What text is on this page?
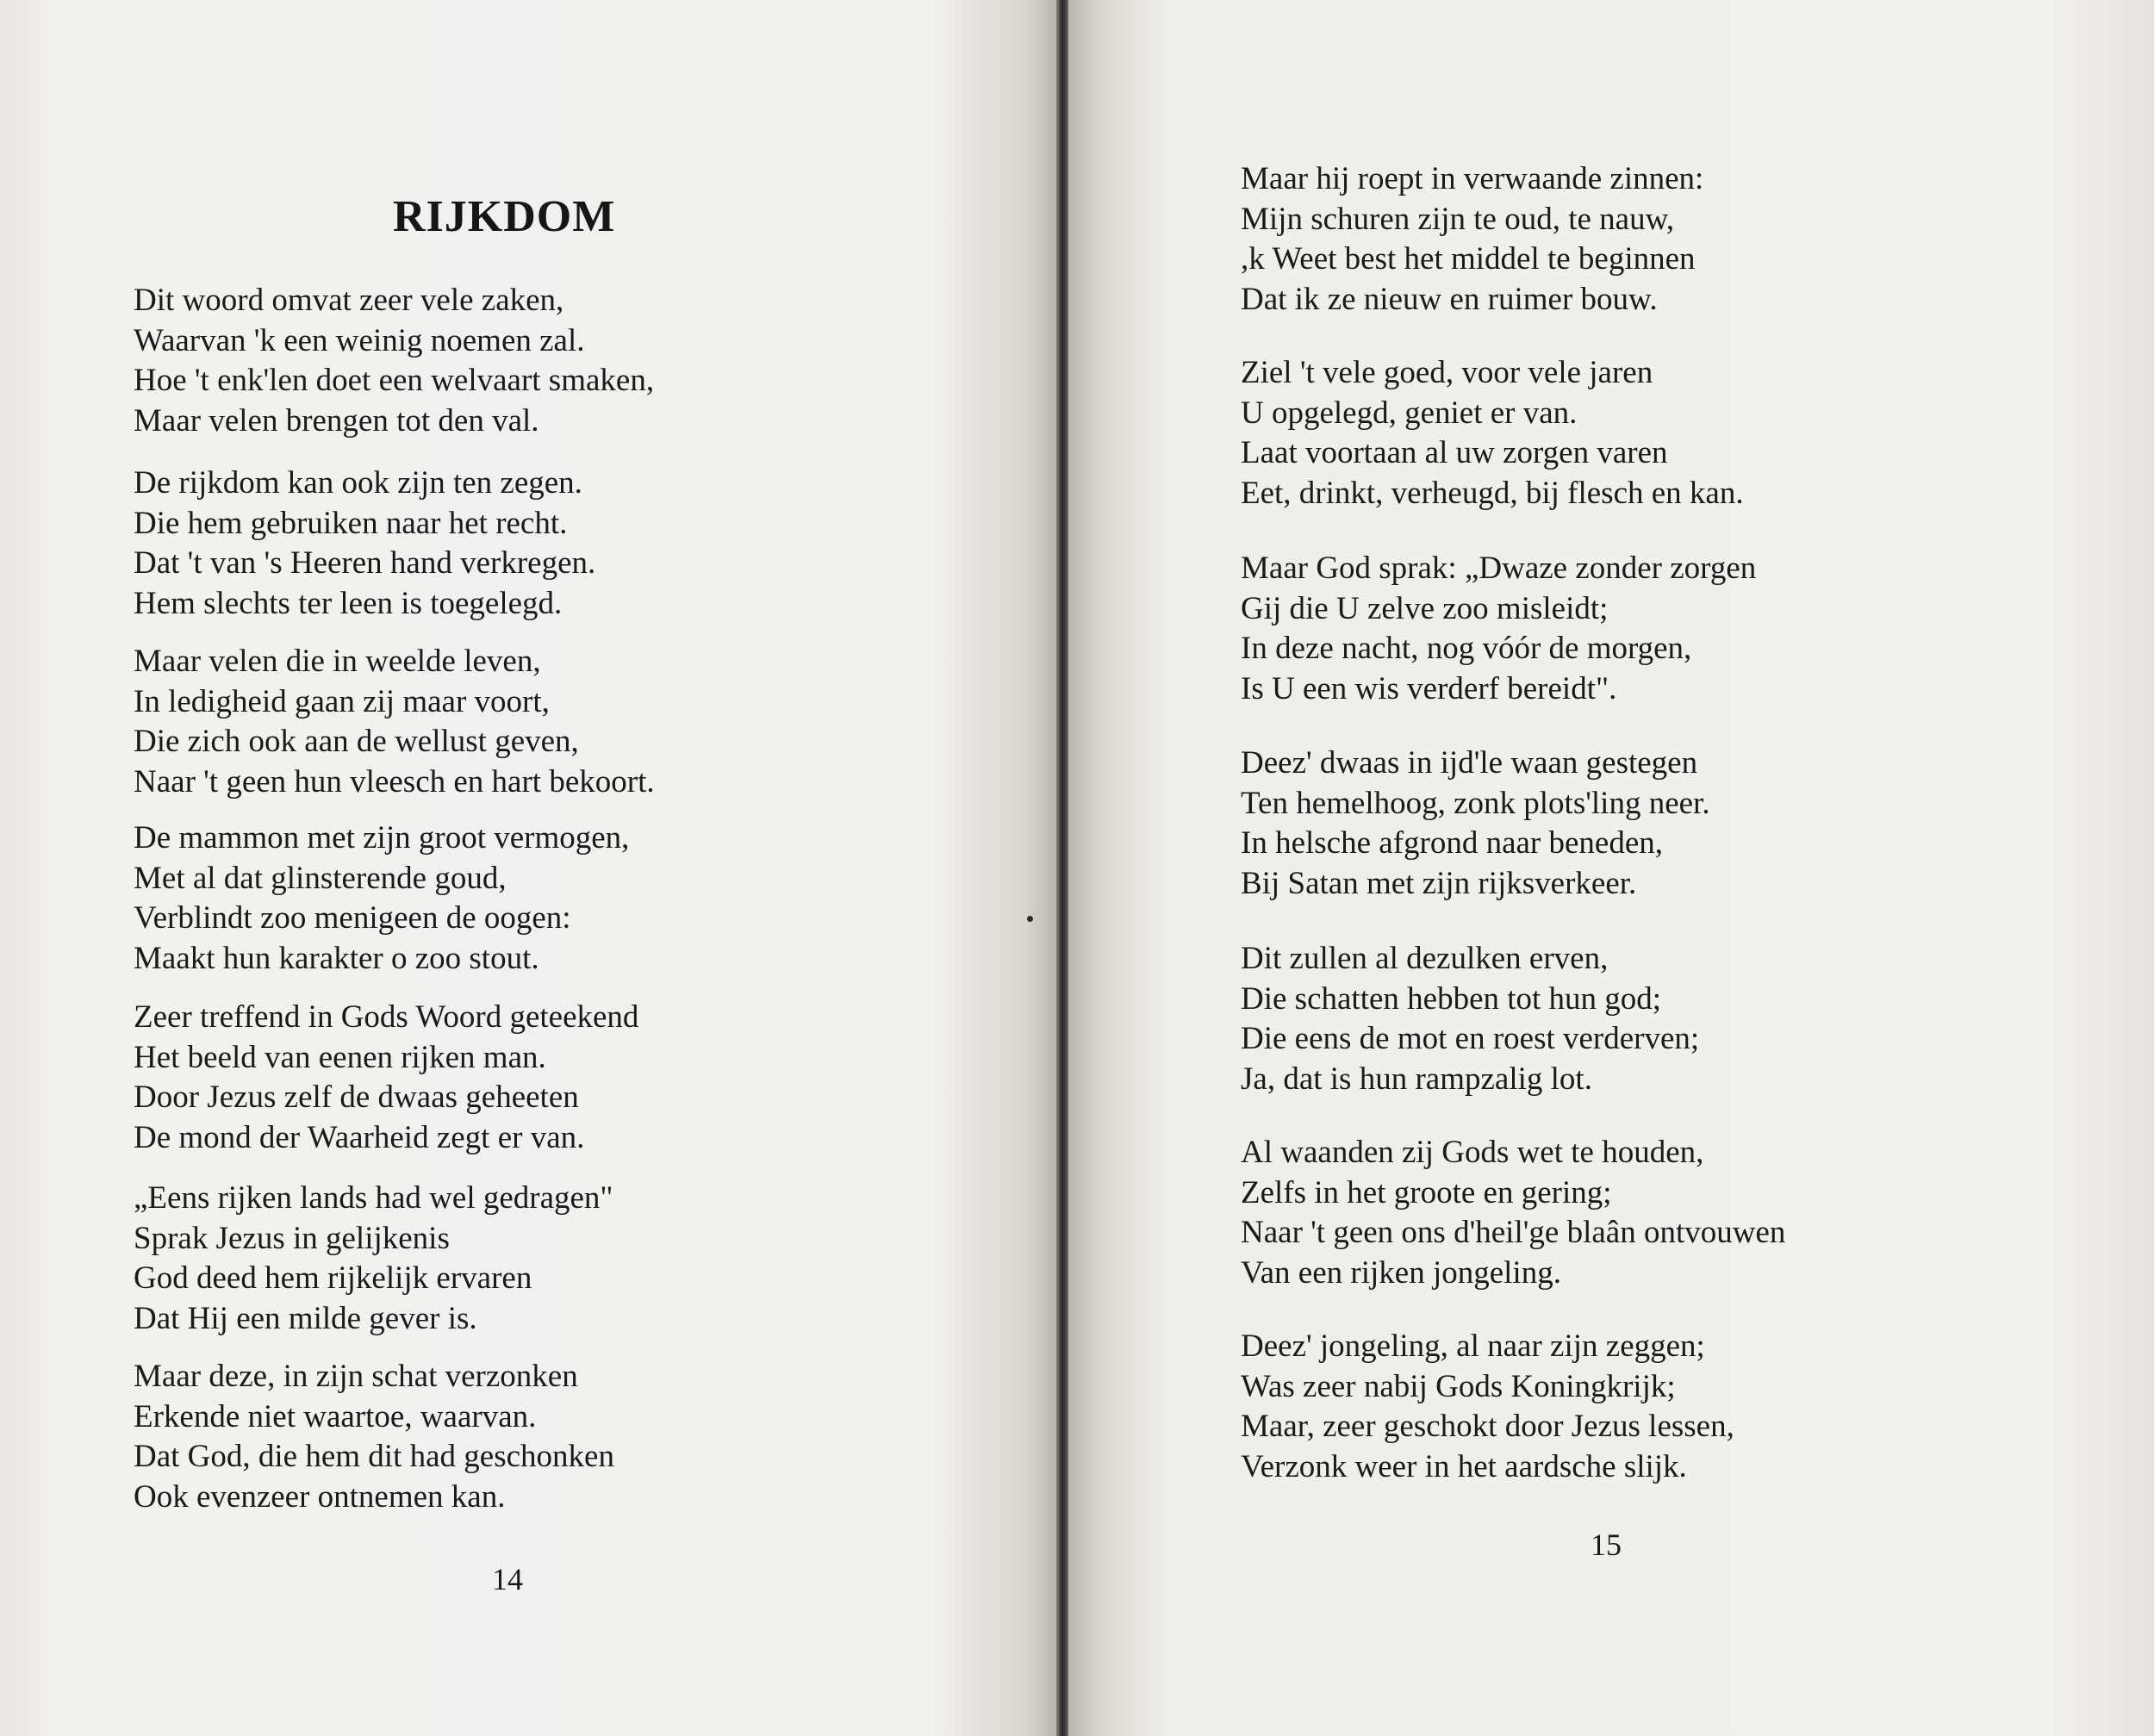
RIJKDOM
Dit woord omvat zeer vele zaken,
Waarvan 'k een weinig noemen zal.
Hoe 't enk'len doet een welvaart smaken,
Maar velen brengen tot den val.
De rijkdom kan ook zijn ten zegen.
Die hem gebruiken naar het recht.
Dat 't van 's Heeren hand verkregen.
Hem slechts ter leen is toegelegd.
Maar velen die in weelde leven,
In ledigheid gaan zij maar voort,
Die zich ook aan de wellust geven,
Naar 't geen hun vleesch en hart bekoort.
De mammon met zijn groot vermogen,
Met al dat glinsterende goud,
Verblindt zoo menigeen de oogen:
Maakt hun karakter o zoo stout.
Zeer treffend in Gods Woord geteekend
Het beeld van eenen rijken man.
Door Jezus zelf de dwaas geheeten
De mond der Waarheid zegt er van.
„Eens rijken lands had wel gedragen"
Sprak Jezus in gelijkenis
God deed hem rijkelijk ervaren
Dat Hij een milde gever is.
Maar deze, in zijn schat verzonken
Erkende niet waartoe, waarvan.
Dat God, die hem dit had geschonken
Ook evenzeer ontnemen kan.
14
Maar hij roept in verwaande zinnen:
Mijn schuren zijn te oud, te nauw,
,k Weet best het middel te beginnen
Dat ik ze nieuw en ruimer bouw.
Ziel 't vele goed, voor vele jaren
U opgelegd, geniet er van.
Laat voortaan al uw zorgen varen
Eet, drinkt, verheugd, bij flesch en kan.
Maar God sprak: „Dwaze zonder zorgen
Gij die U zelve zoo misleidt;
In deze nacht, nog vóór de morgen,
Is U een wis verderf bereidt".
Deez' dwaas in ijd'le waan gestegen
Ten hemelhoog, zonk plots'ling neer.
In helsche afgrond naar beneden,
Bij Satan met zijn rijksverkeer.
Dit zullen al dezulken erven,
Die schatten hebben tot hun god;
Die eens de mot en roest verderven;
Ja, dat is hun rampzalig lot.
Al waanden zij Gods wet te houden,
Zelfs in het groote en gering;
Naar 't geen ons d'heil'ge blaân ontvouwen
Van een rijken jongeling.
Deez' jongeling, al naar zijn zeggen;
Was zeer nabij Gods Koningkrijk;
Maar, zeer geschokt door Jezus lessen,
Verzonk weer in het aardsche slijk.
15
